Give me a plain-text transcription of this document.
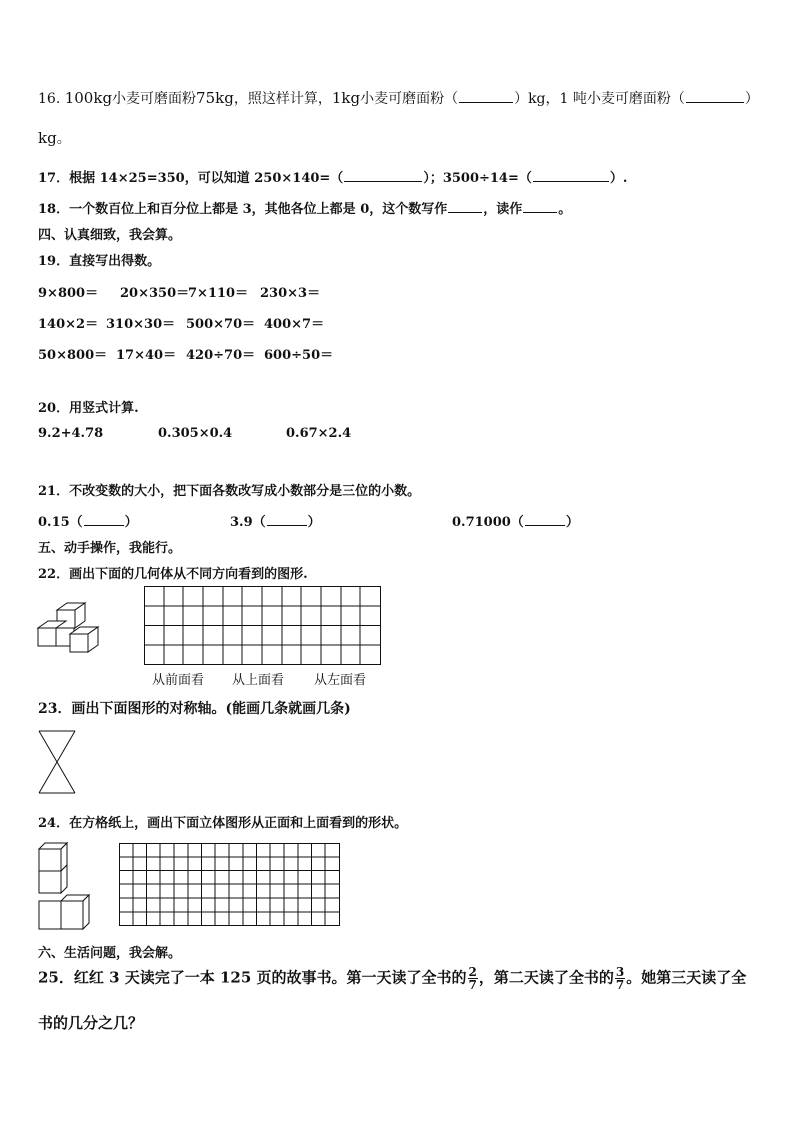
16. 100kg小麦可磨面粉75kg，照这样计算，1kg小麦可磨面粉（	）kg，1 吨小麦可磨面粉（	）
kg。
17．根据 14×25=350，可以知道 250×140=（	）；3500÷14=（	）.
18．一个数百位上和百分位上都是 3，其他各位上都是 0，这个数写作	，读作	。
四、认真细致，我会算。
19．直接写出得数。
9×800＝ 20×350＝7×110＝ 230×3＝
140×2＝ 310×30＝ 500×70＝ 400×7＝
50×800＝ 17×40＝ 420÷70＝ 600÷50＝
20．用竖式计算.
9.2+4.78	0.305×0.4	0.67×2.4
21．不改变数的大小，把下面各数改写成小数部分是三位的小数。
0.15（	）	3.9（	）	0.71000（	）
五、动手操作，我能行。
22．画出下面的几何体从不同方向看到的图形.
从前面看 从上面看 从左面看
23．画出下面图形的对称轴。(能画几条就画几条)
24．在方格纸上，画出下面立体图形从正面和上面看到的形状。
六、生活问题，我会解。
25．红红 3 天读完了一本 125 页的故事书。第一天读了全书的 $\frac{2}{7}$ ，第二天读了全书的 $\frac{3}{7}$ 。她第三天读了全
书的几分之几？
